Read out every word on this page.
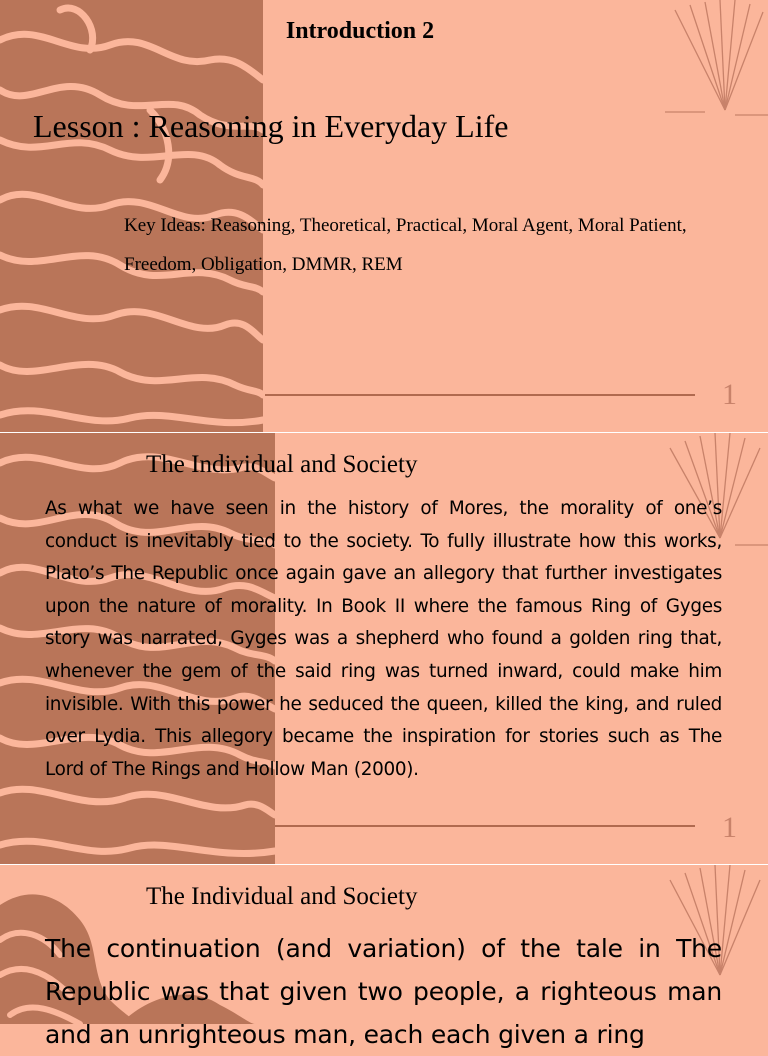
Introduction 2
Lesson : Reasoning in Everyday Life
Key Ideas: Reasoning, Theoretical, Practical, Moral Agent, Moral Patient, Freedom, Obligation, DMMR, REM
1
The Individual and Society
As what we have seen in the history of Mores, the morality of one’s conduct is inevitably tied to the society. To fully illustrate how this works, Plato’s The Republic once again gave an allegory that further investigates upon the nature of morality. In Book II where the famous Ring of Gyges story was narrated, Gyges was a shepherd who found a golden ring that, whenever the gem of the said ring was turned inward, could make him invisible. With this power he seduced the queen, killed the king, and ruled over Lydia. This allegory became the inspiration for stories such as The Lord of The Rings and Hollow Man (2000).
1
The Individual and Society
The continuation (and variation) of the tale in The Republic was that given two people, a righteous man and an unrighteous man, each each given a ring
